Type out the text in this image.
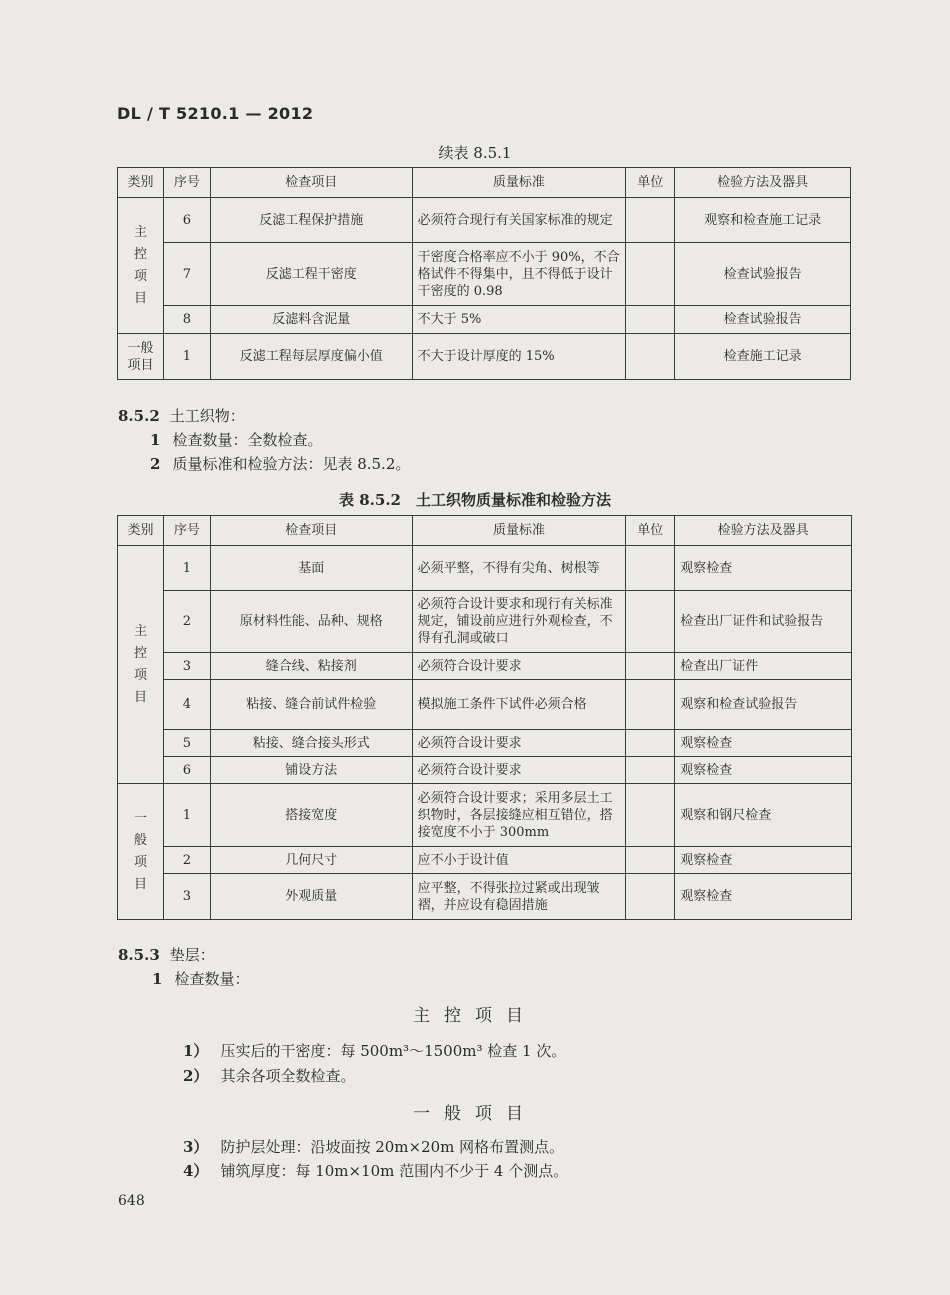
DL / T 5210.1 — 2012
续表 8.5.1
类别	序号	检查项目	质量标准	单位	检验方法及器具
主
控
项
目	6	反滤工程保护措施	必须符合现行有关国家标准的规定		观察和检查施工记录
	7	反滤工程干密度	干密度合格率应不小于 90%，不合格试件不得集中，且不得低于设计干密度的 0.98		检查试验报告
	8	反滤料含泥量	不大于 5%		检查试验报告
一般
项目	1	反滤工程每层厚度偏小值	不大于设计厚度的 15%		检查施工记录
8.5.2 土工织物：
1 检查数量：全数检查。
2 质量标准和检验方法：见表 8.5.2。
表 8.5.2　土工织物质量标准和检验方法
类别	序号	检查项目	质量标准	单位	检验方法及器具
主
控
项
目	1	基面	必须平整，不得有尖角、树根等		观察检查
	2	原材料性能、品种、规格	必须符合设计要求和现行有关标准规定，铺设前应进行外观检查，不得有孔洞或破口		检查出厂证件和试验报告
	3	缝合线、粘接剂	必须符合设计要求		检查出厂证件
	4	粘接、缝合前试件检验	模拟施工条件下试件必须合格		观察和检查试验报告
	5	粘接、缝合接头形式	必须符合设计要求		观察检查
	6	铺设方法	必须符合设计要求		观察检查
一
般
项
目	1	搭接宽度	必须符合设计要求；采用多层土工织物时，各层接缝应相互错位，搭接宽度不小于 300mm		观察和钢尺检查
	2	几何尺寸	应不小于设计值		观察检查
	3	外观质量	应平整，不得张拉过紧或出现皱褶，并应设有稳固措施		观察检查
8.5.3 垫层：
1 检查数量：
主控项目
1） 压实后的干密度：每 500m³～1500m³ 检查 1 次。
2） 其余各项全数检查。
一般项目
3） 防护层处理：沿坡面按 20m×20m 网格布置测点。
4） 铺筑厚度：每 10m×10m 范围内不少于 4 个测点。
648
